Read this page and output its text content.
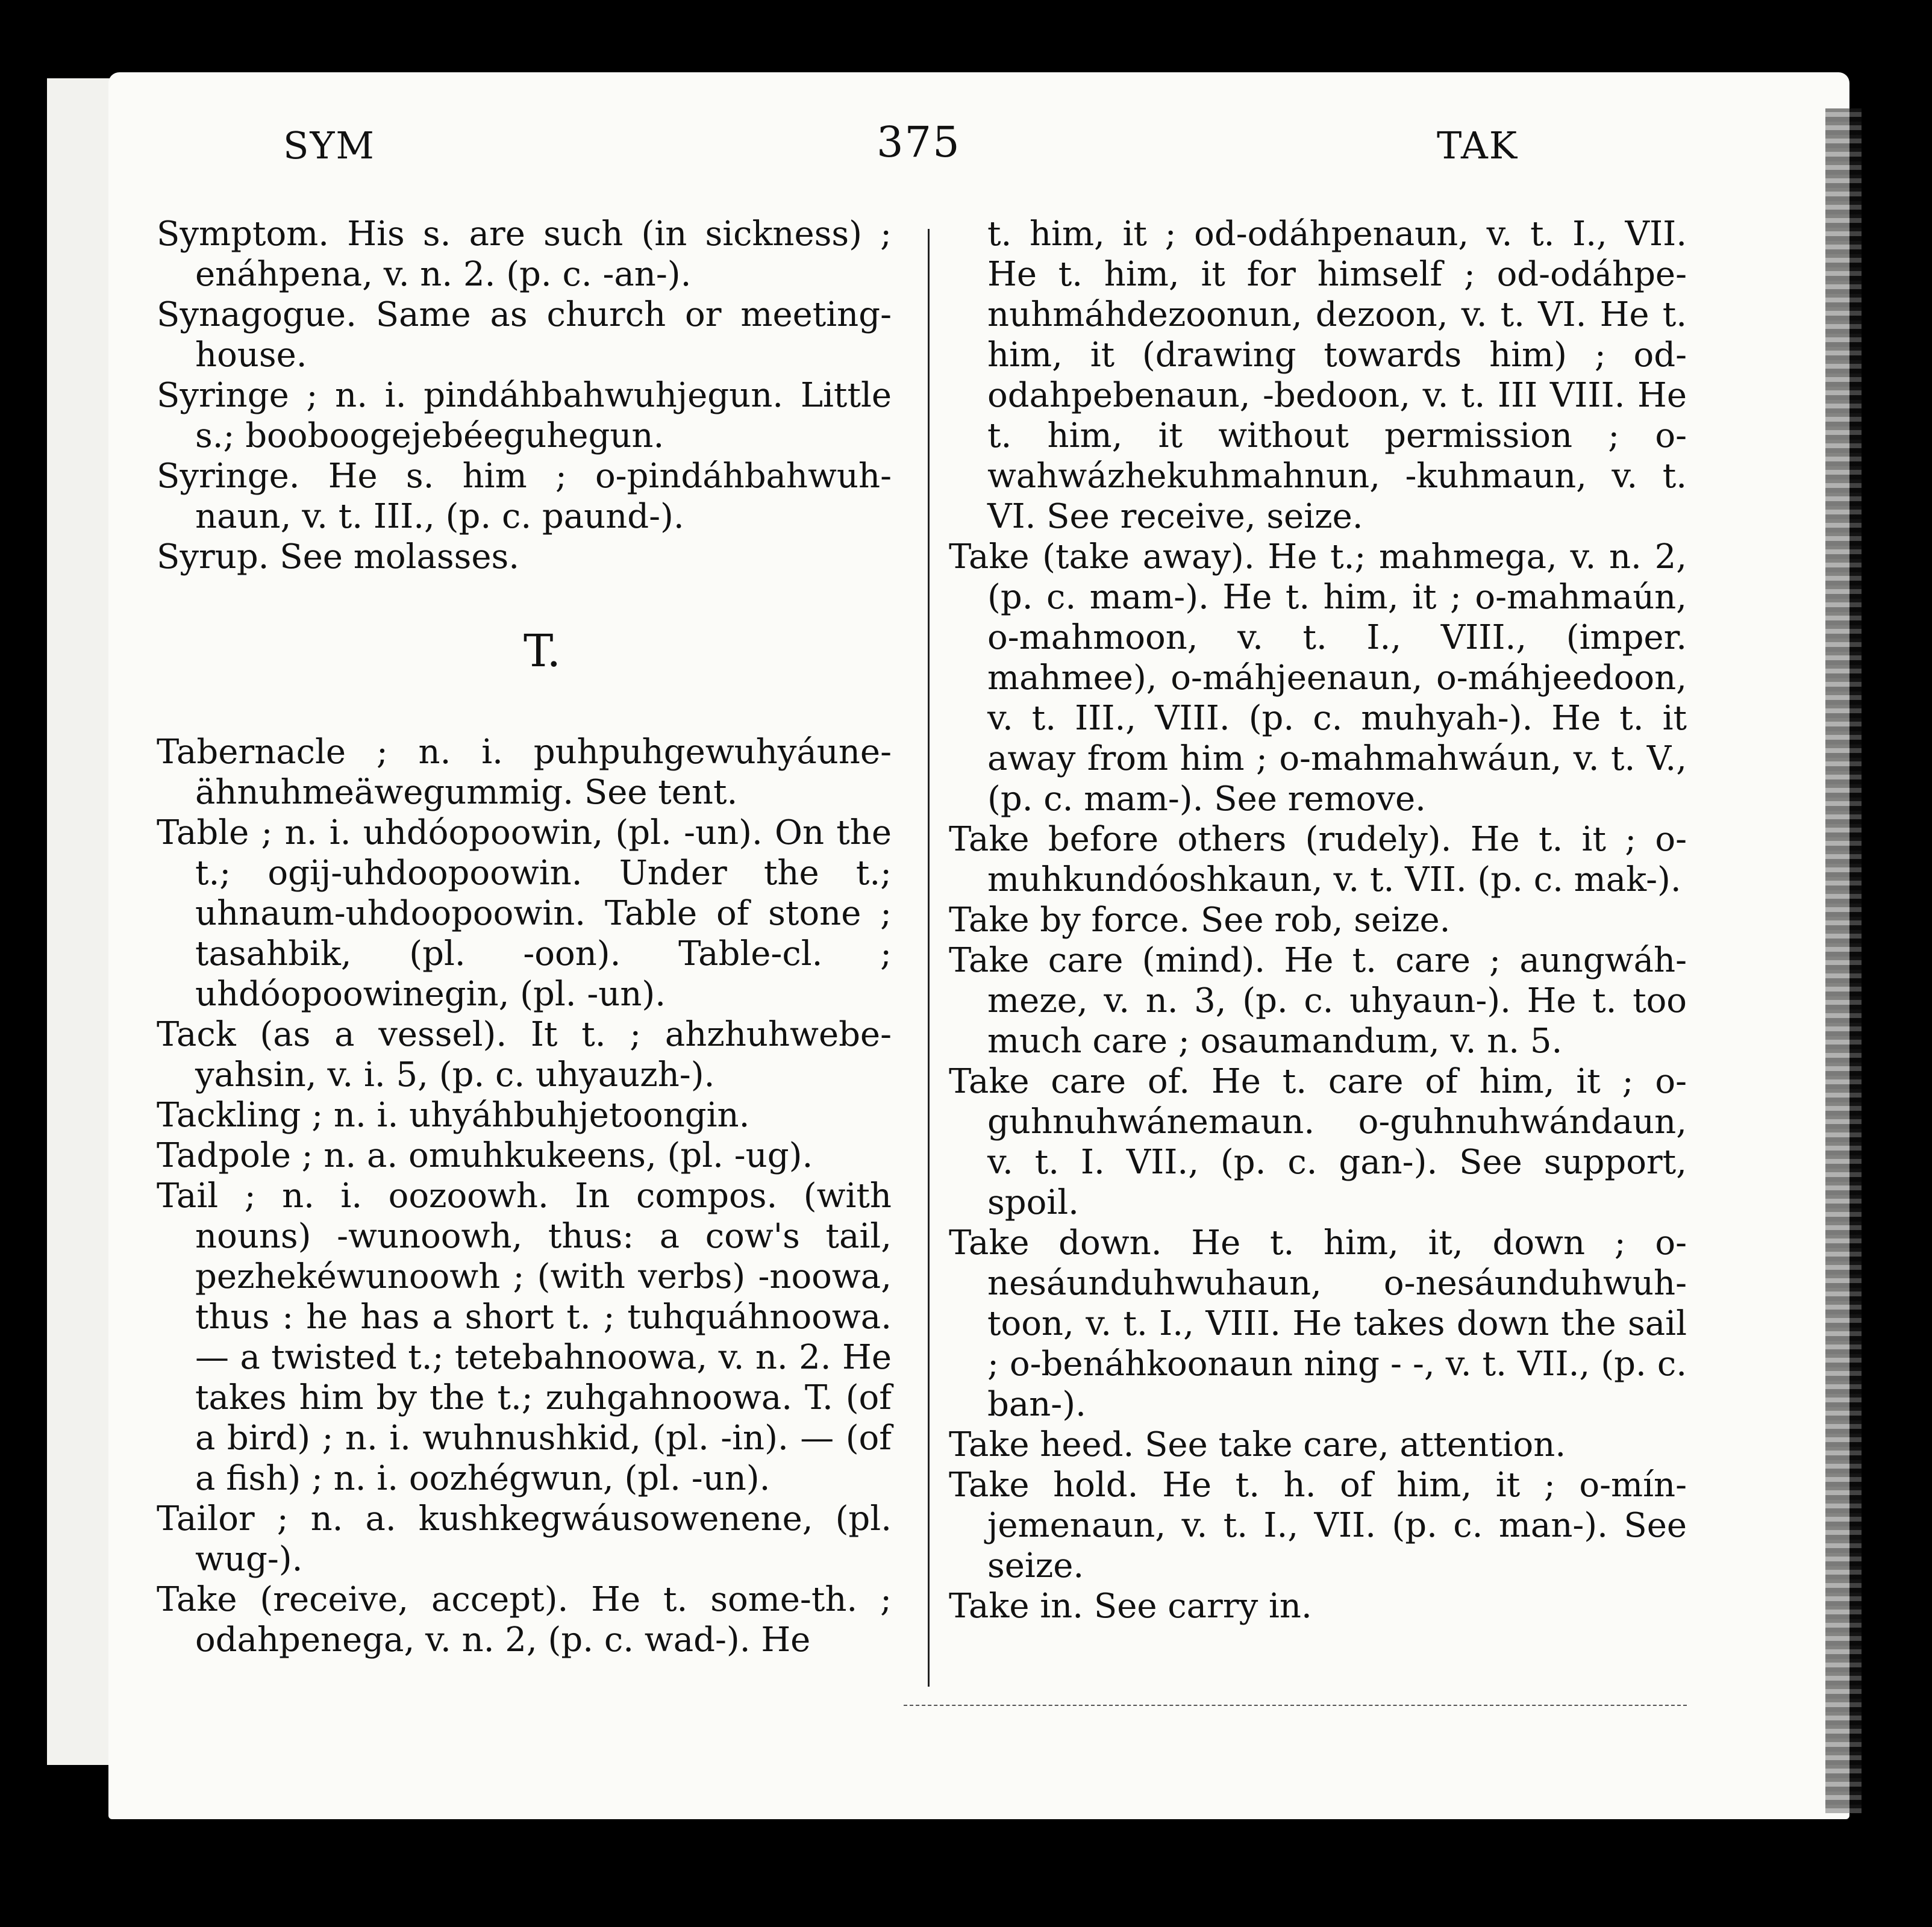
SYM	375	TAK

Symptom. His s. are such (in sickness) ; enáhpena, v. n. 2. (p. c. -an-).

Synagogue. Same as church or meeting-house.

Syringe ; n. i. pindáhbahwuhjegun. Little s.; booboogejebéeguhegun.

Syringe. He s. him ; o-pindáhbahwuh-naun, v. t. III., (p. c. paund-).

Syrup. See molasses.

T.

Tabernacle ; n. i. puhpuhgewuhyáune-ähnuhmeäwegummig. See tent.

Table ; n. i. uhdóopoowin, (pl. -un). On the t.; ogij-uhdoopoowin. Under the t.; uhnaum-uhdoopoowin. Table of stone ; tasahbik, (pl. -oon). Table-cl. ; uhdóopoowinegin, (pl. -un).

Tack (as a vessel). It t. ; ahzhuhwebe-yahsin, v. i. 5, (p. c. uhyauzh-).

Tackling ; n. i. uhyáhbuhjetoongin.

Tadpole ; n. a. omuhkukeens, (pl. -ug).

Tail ; n. i. oozoowh. In compos. (with nouns) -wunoowh, thus: a cow's tail, pezhekéwunoowh ; (with verbs) -noowa, thus : he has a short t. ; tuhquáhnoowa. — a twisted t.; tetebahnoowa, v. n. 2. He takes him by the t.; zuhgahnoowa. T. (of a bird) ; n. i. wuhnushkid, (pl. -in). — (of a fish) ; n. i. oozhégwun, (pl. -un).

Tailor ; n. a. kushkegwáusowenene, (pl. wug-).

Take (receive, accept). He t. some-th. ; odahpenega, v. n. 2, (p. c. wad-). He

t. him, it ; od-odáhpenaun, v. t. I., VII. He t. him, it for himself ; od-odáhpe-nuhmáhdezoonun, dezoon, v. t. VI. He t. him, it (drawing towards him) ; od-odahpebenaun, -bedoon, v. t. III VIII. He t. him, it without permission ; o-wahwázhekuhmahnun, -kuhmaun, v. t. VI. See receive, seize.

Take (take away). He t.; mahmega, v. n. 2, (p. c. mam-). He t. him, it ; o-mahmaún, o-mahmoon, v. t. I., VIII., (imper. mahmee), o-máhjeenaun, o-máhjeedoon, v. t. III., VIII. (p. c. muhyah-). He t. it away from him ; o-mahmahwáun, v. t. V., (p. c. mam-). See remove.

Take before others (rudely). He t. it ; o-muhkundóoshkaun, v. t. VII. (p. c. mak-).

Take by force. See rob, seize.

Take care (mind). He t. care ; aungwáh-meze, v. n. 3, (p. c. uhyaun-). He t. too much care ; osaumandum, v. n. 5.

Take care of. He t. care of him, it ; o-guhnuhwánemaun. o-guhnuhwándaun, v. t. I. VII., (p. c. gan-). See support, spoil.

Take down. He t. him, it, down ; o-nesáunduhwuhaun, o-nesáunduhwuh-toon, v. t. I., VIII. He takes down the sail ; o-benáhkoonaun ning - -, v. t. VII., (p. c. ban-).

Take heed. See take care, attention.

Take hold. He t. h. of him, it ; o-mín-jemenaun, v. t. I., VII. (p. c. man-). See seize.

Take in. See carry in.
